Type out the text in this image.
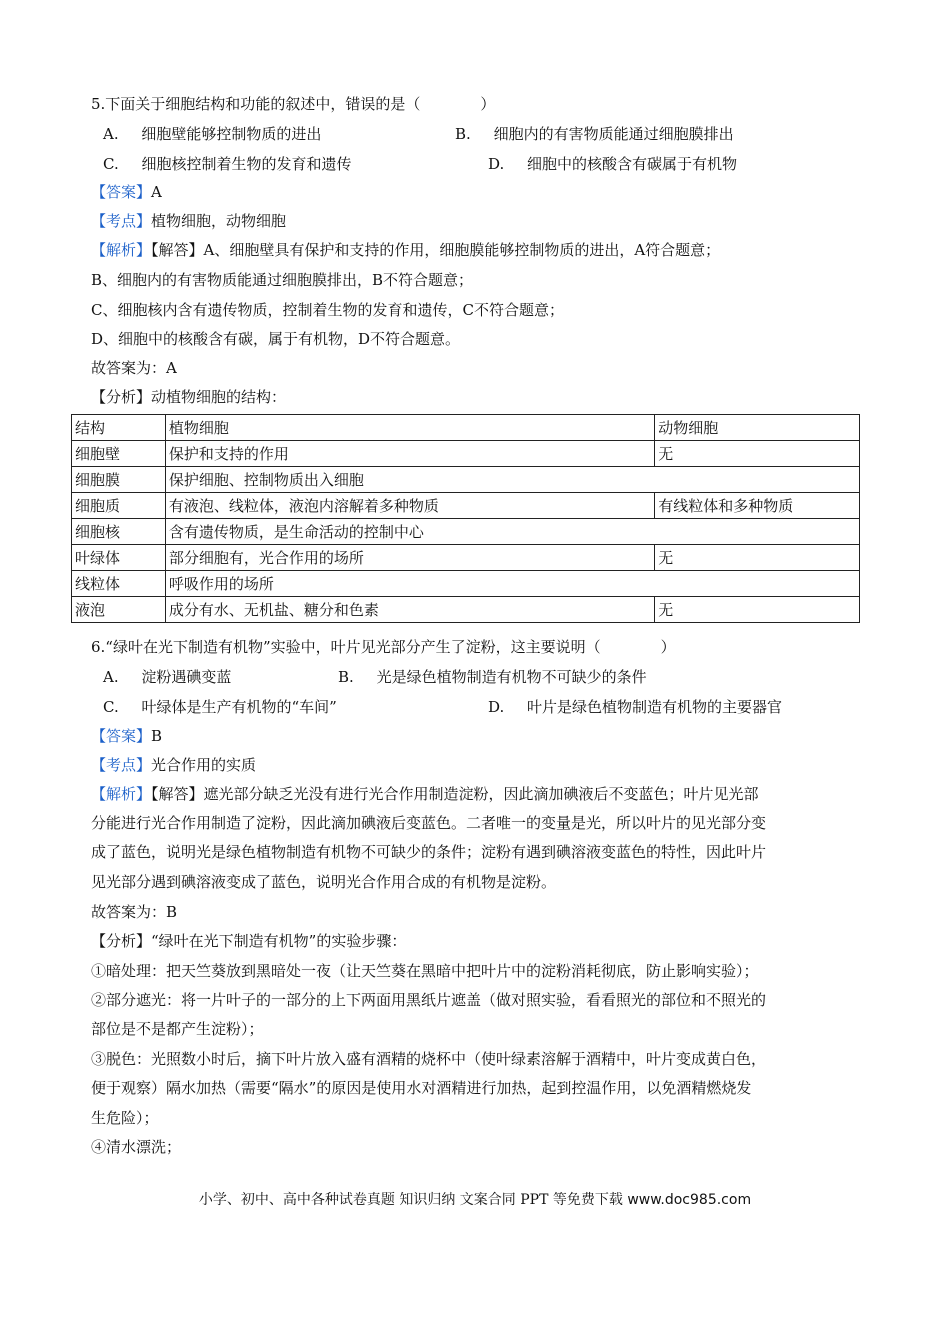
5.下面关于细胞结构和功能的叙述中，错误的是（　　　　）
A. 细胞壁能够控制物质的进出	B. 细胞内的有害物质能通过细胞膜排出
C. 细胞核控制着生物的发育和遗传	D. 细胞中的核酸含有碳属于有机物
【答案】A
【考点】植物细胞，动物细胞
【解析】【解答】A、细胞壁具有保护和支持的作用，细胞膜能够控制物质的进出，A符合题意；
B、细胞内的有害物质能通过细胞膜排出，B不符合题意；
C、细胞核内含有遗传物质，控制着生物的发育和遗传，C不符合题意；
D、细胞中的核酸含有碳，属于有机物，D不符合题意。
故答案为：A
【分析】动植物细胞的结构：
结构	植物细胞	动物细胞
细胞壁	保护和支持的作用	无
细胞膜	保护细胞、控制物质出入细胞	
细胞质	有液泡、线粒体，液泡内溶解着多种物质	有线粒体和多种物质
细胞核	含有遗传物质，是生命活动的控制中心	
叶绿体	部分细胞有，光合作用的场所	无
线粒体	呼吸作用的场所	
液泡	成分有水、无机盐、糖分和色素	无
6.“绿叶在光下制造有机物”实验中，叶片见光部分产生了淀粉，这主要说明（　　　　）
A. 淀粉遇碘变蓝	B. 光是绿色植物制造有机物不可缺少的条件
C. 叶绿体是生产有机物的“车间”	D. 叶片是绿色植物制造有机物的主要器官
【答案】B
【考点】光合作用的实质
【解析】【解答】遮光部分缺乏光没有进行光合作用制造淀粉，因此滴加碘液后不变蓝色；叶片见光部
分能进行光合作用制造了淀粉，因此滴加碘液后变蓝色。二者唯一的变量是光，所以叶片的见光部分变
成了蓝色，说明光是绿色植物制造有机物不可缺少的条件；淀粉有遇到碘溶液变蓝色的特性，因此叶片
见光部分遇到碘溶液变成了蓝色，说明光合作用合成的有机物是淀粉。
故答案为：B
【分析】“绿叶在光下制造有机物”的实验步骤：
①暗处理：把天竺葵放到黑暗处一夜（让天竺葵在黑暗中把叶片中的淀粉消耗彻底，防止影响实验）；
②部分遮光：将一片叶子的一部分的上下两面用黑纸片遮盖（做对照实验，看看照光的部位和不照光的
部位是不是都产生淀粉）；
③脱色：光照数小时后，摘下叶片放入盛有酒精的烧杯中（使叶绿素溶解于酒精中，叶片变成黄白色，
便于观察）隔水加热（需要“隔水”的原因是使用水对酒精进行加热，起到控温作用，以免酒精燃烧发
生危险）；
④清水漂洗；
小学、初中、高中各种试卷真题 知识归纳 文案合同 PPT 等免费下载 www.doc985.com
